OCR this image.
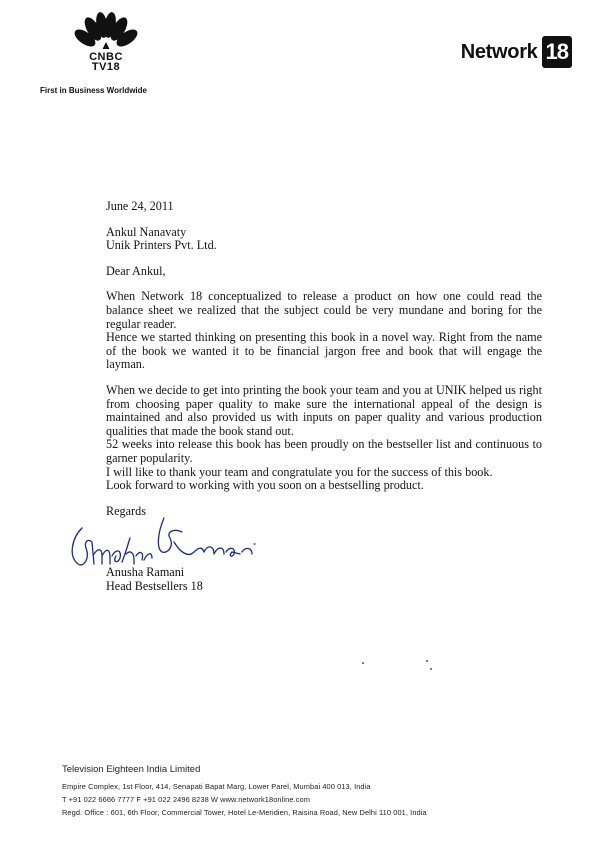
CNBC
TV18
First in Business Worldwide
Network 18

June 24, 2011

Ankul Nanavaty

Unik Printers Pvt. Ltd.

Dear Ankul,

When Network 18 conceptualized to release a product on how one could read the balance sheet we realized that the subject could be very mundane and boring for the regular reader.

Hence we started thinking on presenting this book in a novel way. Right from the name of the book we wanted it to be financial jargon free and book that will engage the layman.

When we decide to get into printing the book your team and you at UNIK helped us right from choosing paper quality to make sure the international appeal of the design is maintained and also provided us with inputs on paper quality and various production qualities that made the book stand out.

52 weeks into release this book has been proudly on the bestseller list and continuous to garner popularity.

I will like to thank your team and congratulate you for the success of this book.

Look forward to working with you soon on a bestselling product.

Regards

Anusha Ramani
Head Bestsellers 18
Television Eighteen India Limited
Empire Complex, 1st Floor, 414, Senapati Bapat Marg, Lower Parel, Mumbai 400 013, India
T +91 022 6666 7777 F +91 022 2496 8238 W www.network18online.com
Regd. Office : 601, 6th Floor, Commercial Tower, Hotel Le-Meridien, Raisina Road, New Delhi 110 001, India
